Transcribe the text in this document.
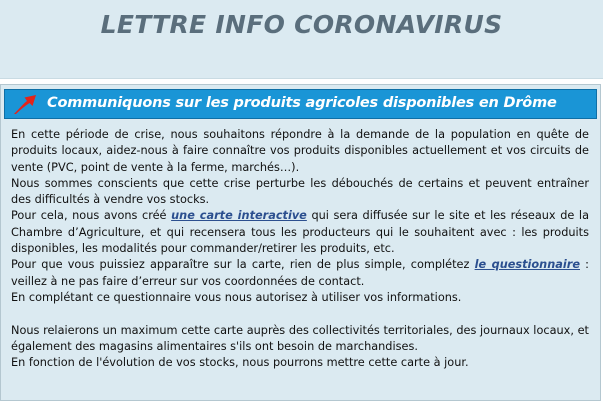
LETTRE INFO CORONAVIRUS
Communiquons sur les produits agricoles disponibles en Drôme

En cette période de crise, nous souhaitons répondre à la demande de la population en quête de produits locaux, aidez-nous à faire connaître vos produits disponibles actuellement et vos circuits de vente (PVC, point de vente à la ferme, marchés…).

Nous sommes conscients que cette crise perturbe les débouchés de certains et peuvent entraîner des difficultés à vendre vos stocks.

Pour cela, nous avons créé une carte interactive qui sera diffusée sur le site et les réseaux de la Chambre d’Agriculture, et qui recensera tous les producteurs qui le souhaitent avec : les produits disponibles, les modalités pour commander/retirer les produits, etc.

Pour que vous puissiez apparaître sur la carte, rien de plus simple, complétez le questionnaire : veillez à ne pas faire d’erreur sur vos coordonnées de contact.

En complétant ce questionnaire vous nous autorisez à utiliser vos informations.

Nous relaierons un maximum cette carte auprès des collectivités territoriales, des journaux locaux, et également des magasins alimentaires s'ils ont besoin de marchandises.

En fonction de l'évolution de vos stocks, nous pourrons mettre cette carte à jour.
